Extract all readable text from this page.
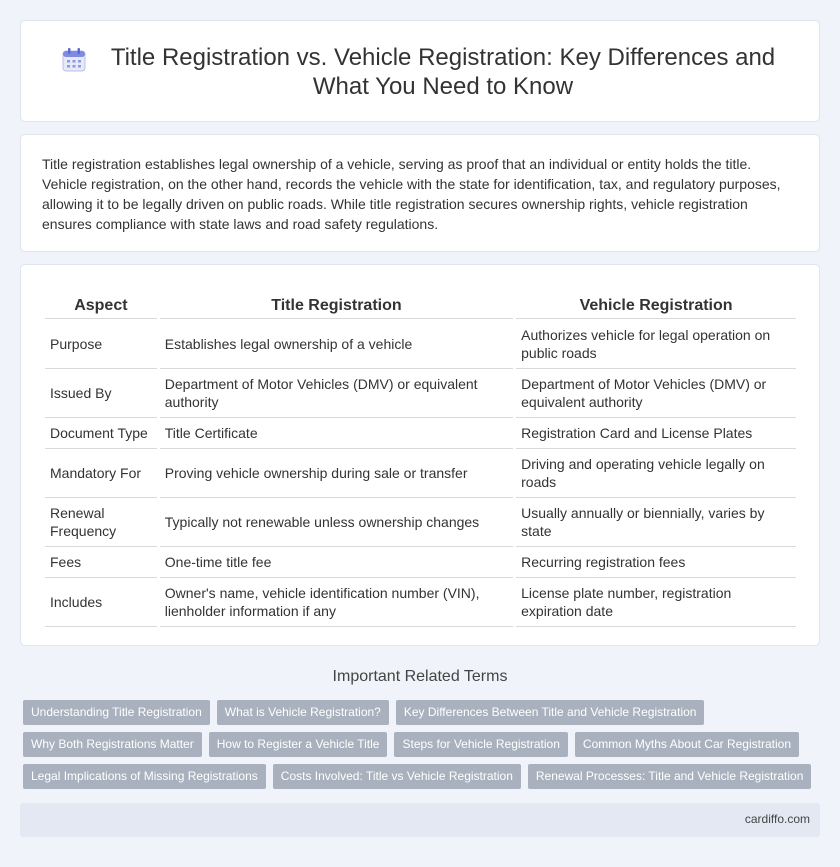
Title Registration vs. Vehicle Registration: Key Differences and What You Need to Know

Title registration establishes legal ownership of a vehicle, serving as proof that an individual or entity holds the title. Vehicle registration, on the other hand, records the vehicle with the state for identification, tax, and regulatory purposes, allowing it to be legally driven on public roads. While title registration secures ownership rights, vehicle registration ensures compliance with state laws and road safety regulations.

Aspect	Title Registration	Vehicle Registration
Purpose	Establishes legal ownership of a vehicle	Authorizes vehicle for legal operation on public roads
Issued By	Department of Motor Vehicles (DMV) or equivalent authority	Department of Motor Vehicles (DMV) or equivalent authority
Document Type	Title Certificate	Registration Card and License Plates
Mandatory For	Proving vehicle ownership during sale or transfer	Driving and operating vehicle legally on roads
Renewal Frequency	Typically not renewable unless ownership changes	Usually annually or biennially, varies by state
Fees	One-time title fee	Recurring registration fees
Includes	Owner's name, vehicle identification number (VIN), lienholder information if any	License plate number, registration expiration date
Important Related Terms
Understanding Title Registration	What is Vehicle Registration?	Key Differences Between Title and Vehicle Registration
Why Both Registrations Matter	How to Register a Vehicle Title	Steps for Vehicle Registration	Common Myths About Car Registration
Legal Implications of Missing Registrations	Costs Involved: Title vs Vehicle Registration	Renewal Processes: Title and Vehicle Registration
cardiffo.com
